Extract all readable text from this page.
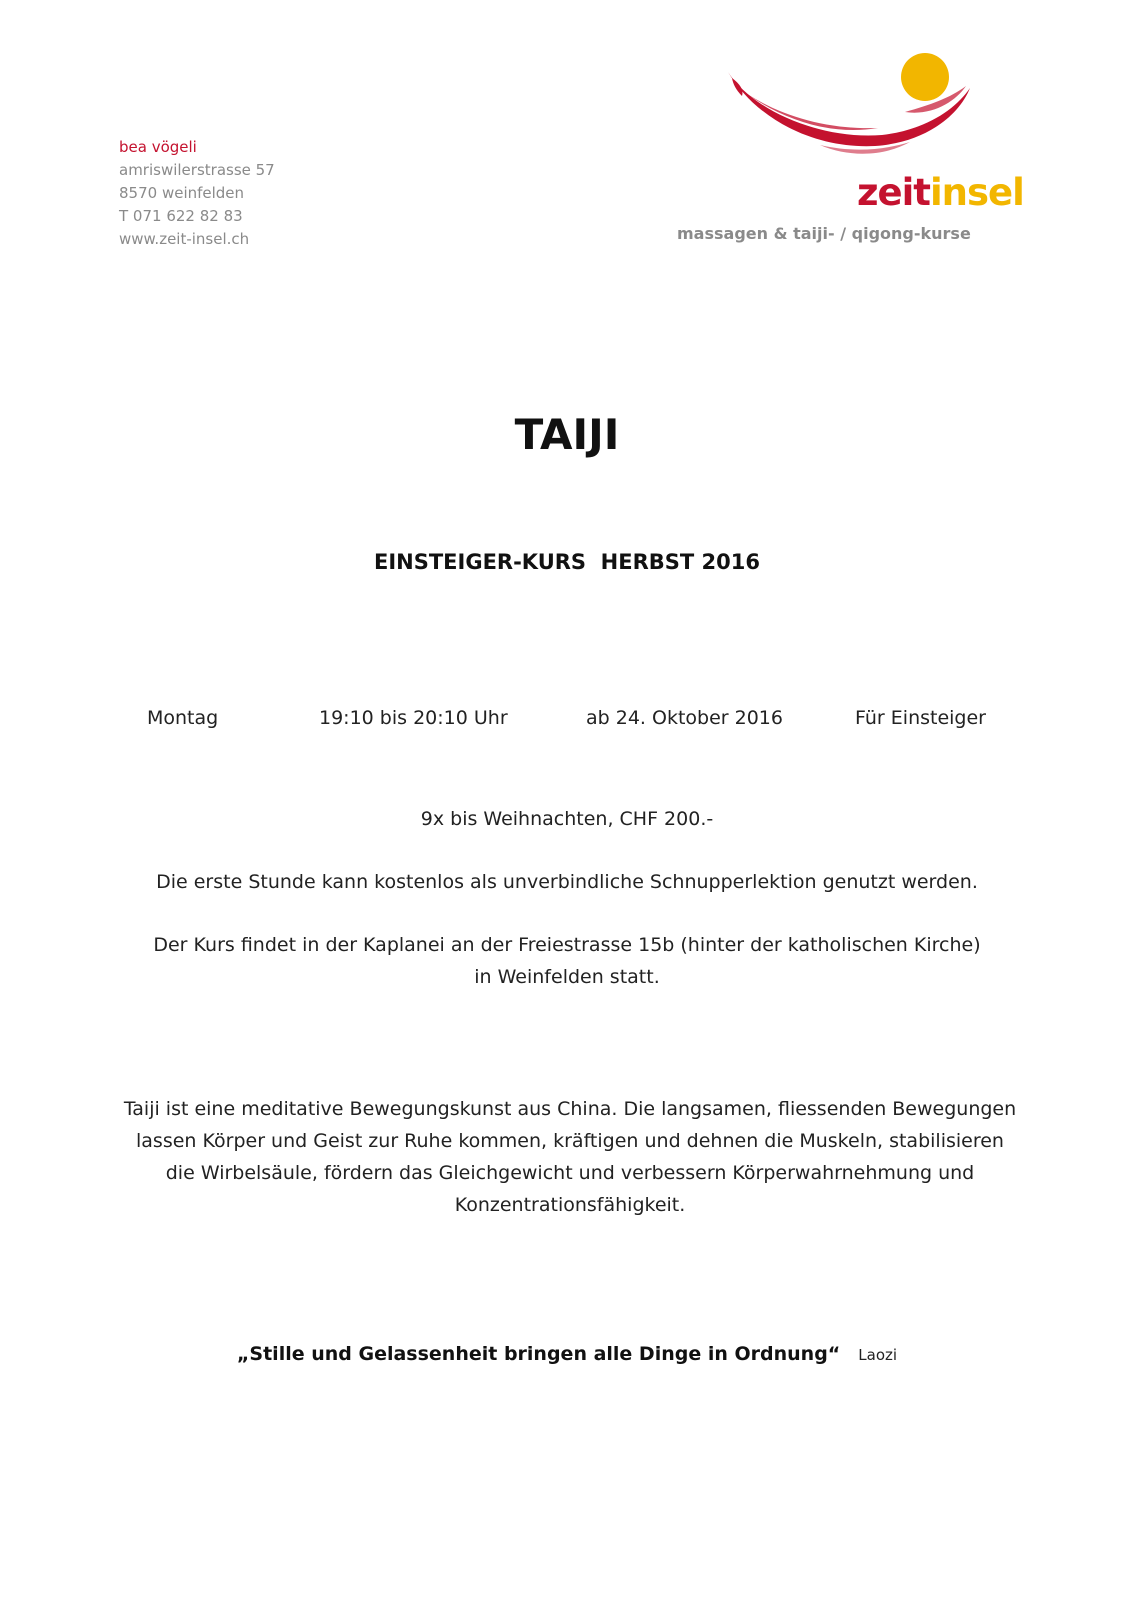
bea vögeli
amriswilerstrasse 57
8570 weinfelden
T 071 622 82 83
www.zeit-insel.ch
zeitinsel
massagen & taiji- / qigong-kurse
TAIJI
EINSTEIGER-KURS  HERBST 2016
Montag	19:10 bis 20:10 Uhr	ab 24. Oktober 2016	Für Einsteiger
9x bis Weihnachten, CHF 200.-
Die erste Stunde kann kostenlos als unverbindliche Schnupperlektion genutzt werden.
Der Kurs findet in der Kaplanei an der Freiestrasse 15b (hinter der katholischen Kirche)
in Weinfelden statt.
Taiji ist eine meditative Bewegungskunst aus China. Die langsamen, fliessenden Bewegungen
lassen Körper und Geist zur Ruhe kommen, kräftigen und dehnen die Muskeln, stabilisieren
die Wirbelsäule, fördern das Gleichgewicht und verbessern Körperwahrnehmung und
Konzentrationsfähigkeit.
„Stille und Gelassenheit bringen alle Dinge in Ordnung“ Laozi
